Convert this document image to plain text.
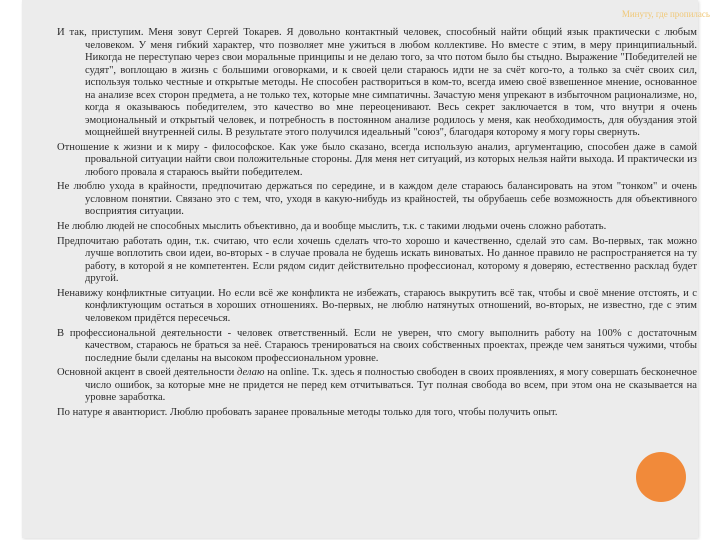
Минуту, где пропилась

И так, приступим. Меня зовут Сергей Токарев. Я довольно контактный человек, способный найти общий язык практически с любым человеком. У меня гибкий характер, что позволяет мне ужиться в любом коллективе. Но вместе с этим, в меру принципиальный. Никогда не переступаю через свои моральные принципы и не делаю того, за что потом было бы стыдно. Выражение "Победителей не судят", воплощаю в жизнь с большими оговорками, и к своей цели стараюсь идти не за счёт кого-то, а только за счёт своих сил, используя только честные и открытые методы. Не способен раствориться в ком-то, всегда имею своё взвешенное мнение, основанное на анализе всех сторон предмета, а не только тех, которые мне симпатичны. Зачастую меня упрекают в избыточном рационализме, но, когда я оказываюсь победителем, это качество во мне переоценивают. Весь секрет заключается в том, что внутри я очень эмоциональный и открытый человек, и потребность в постоянном анализе родилось у меня, как необходимость, для обуздания этой мощнейшей внутренней силы. В результате этого получился идеальный "союз", благодаря которому я могу горы свернуть.

Отношение к жизни и к миру - философское. Как уже было сказано, всегда использую анализ, аргументацию, способен даже в самой провальной ситуации найти свои положительные стороны. Для меня нет ситуаций, из которых нельзя найти выхода. И практически из любого провала я стараюсь выйти победителем.

Не люблю ухода в крайности, предпочитаю держаться по середине, и в каждом деле стараюсь балансировать на этом "тонком" и очень условном понятии. Связано это с тем, что, уходя в какую-нибудь из крайностей, ты обрубаешь себе возможность для объективного восприятия ситуации.

Не люблю людей не способных мыслить объективно, да и вообще мыслить, т.к. с такими людьми очень сложно работать.

Предпочитаю работать один, т.к. считаю, что если хочешь сделать что-то хорошо и качественно, сделай это сам. Во-первых, так можно лучше воплотить свои идеи, во-вторых - в случае провала не будешь искать виноватых. Но данное правило не распространяется на ту работу, в которой я не компетентен. Если рядом сидит действительно профессионал, которому я доверяю, естественно расклад будет другой.

Ненавижу конфликтные ситуации. Но если всё же конфликта не избежать, стараюсь выкрутить всё так, чтобы и своё мнение отстоять, и с конфликтующим остаться в хороших отношениях. Во-первых, не люблю натянутых отношений, во-вторых, не известно, где с этим человеком придётся пересечься.

В профессиональной деятельности - человек ответственный. Если не уверен, что смогу выполнить работу на 100% с достаточным качеством, стараюсь не браться за неё. Стараюсь тренироваться на своих собственных проектах, прежде чем заняться чужими, чтобы последние были сделаны на высоком профессиональном уровне.

Основной акцент в своей деятельности делаю на online. Т.к. здесь я полностью свободен в своих проявлениях, я могу совершать бесконечное число ошибок, за которые мне не придется не перед кем отчитываться. Тут полная свобода во всем, при этом она не сказывается на уровне заработка.

По натуре я авантюрист. Люблю пробовать заранее провальные методы только для того, чтобы получить опыт.
